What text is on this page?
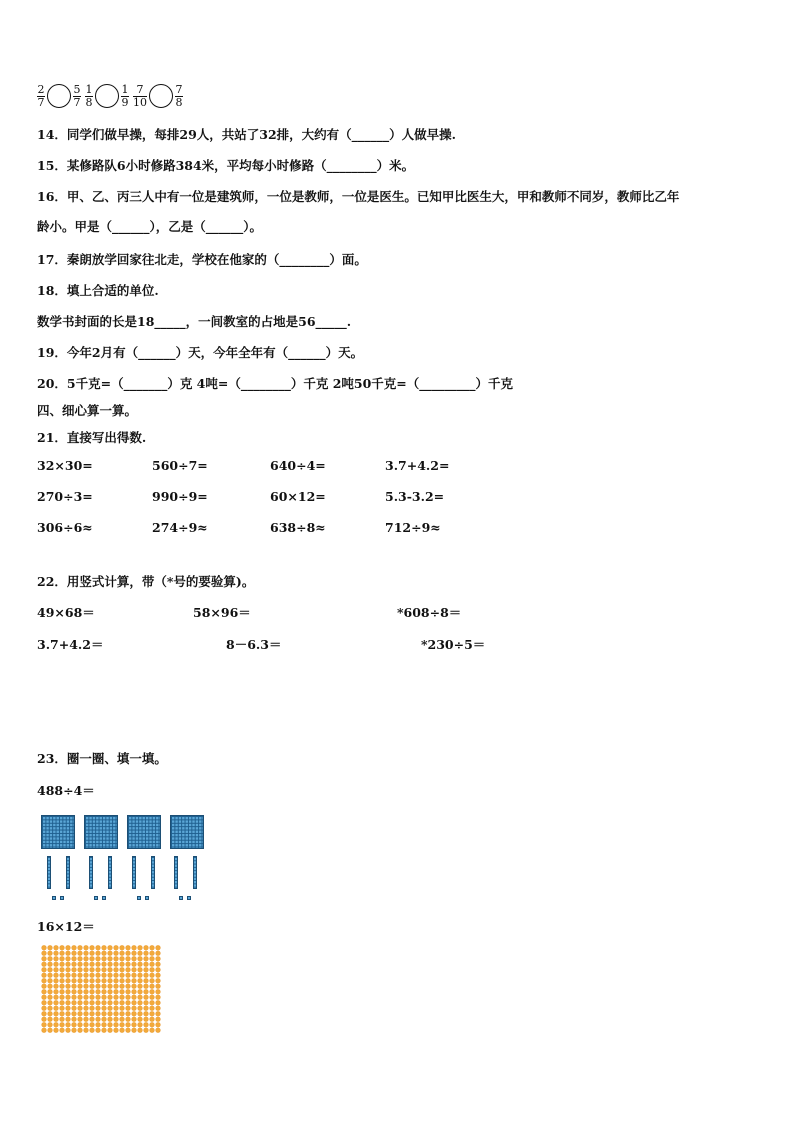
$\frac{2}{7}$	$\frac{5}{7} \frac{1}{8}$	$\frac{1}{9} \frac{7}{10}$	$\frac{7}{8}$
14．同学们做早操，每排29人，共站了32排，大约有（______）人做早操.
15．某修路队6小时修路384米，平均每小时修路（________）米。
16．甲、乙、丙三人中有一位是建筑师，一位是教师，一位是医生。已知甲比医生大，甲和教师不同岁，教师比乙年
龄小。甲是（______），乙是（______）。
17．秦朗放学回家往北走，学校在他家的（________）面。
18．填上合适的单位.
数学书封面的长是18_____，一间教室的占地是56_____.
19．今年2月有（______）天，今年全年有（______）天。
20．5千克=（_______）克 4吨=（________）千克 2吨50千克=（_________）千克
四、细心算一算。
21．直接写出得数.
32×30=	560÷7=	640÷4=	3.7+4.2=
270÷3=	990÷9=	60×12=	5.3-3.2=
306÷6≈	274÷9≈	638÷8≈	712÷9≈
22．用竖式计算，带（*号的要验算)。
49×68＝	58×96＝	*608÷8＝
3.7+4.2＝	8－6.3＝	*230÷5＝
23．圈一圈、填一填。
488÷4＝
16×12＝
